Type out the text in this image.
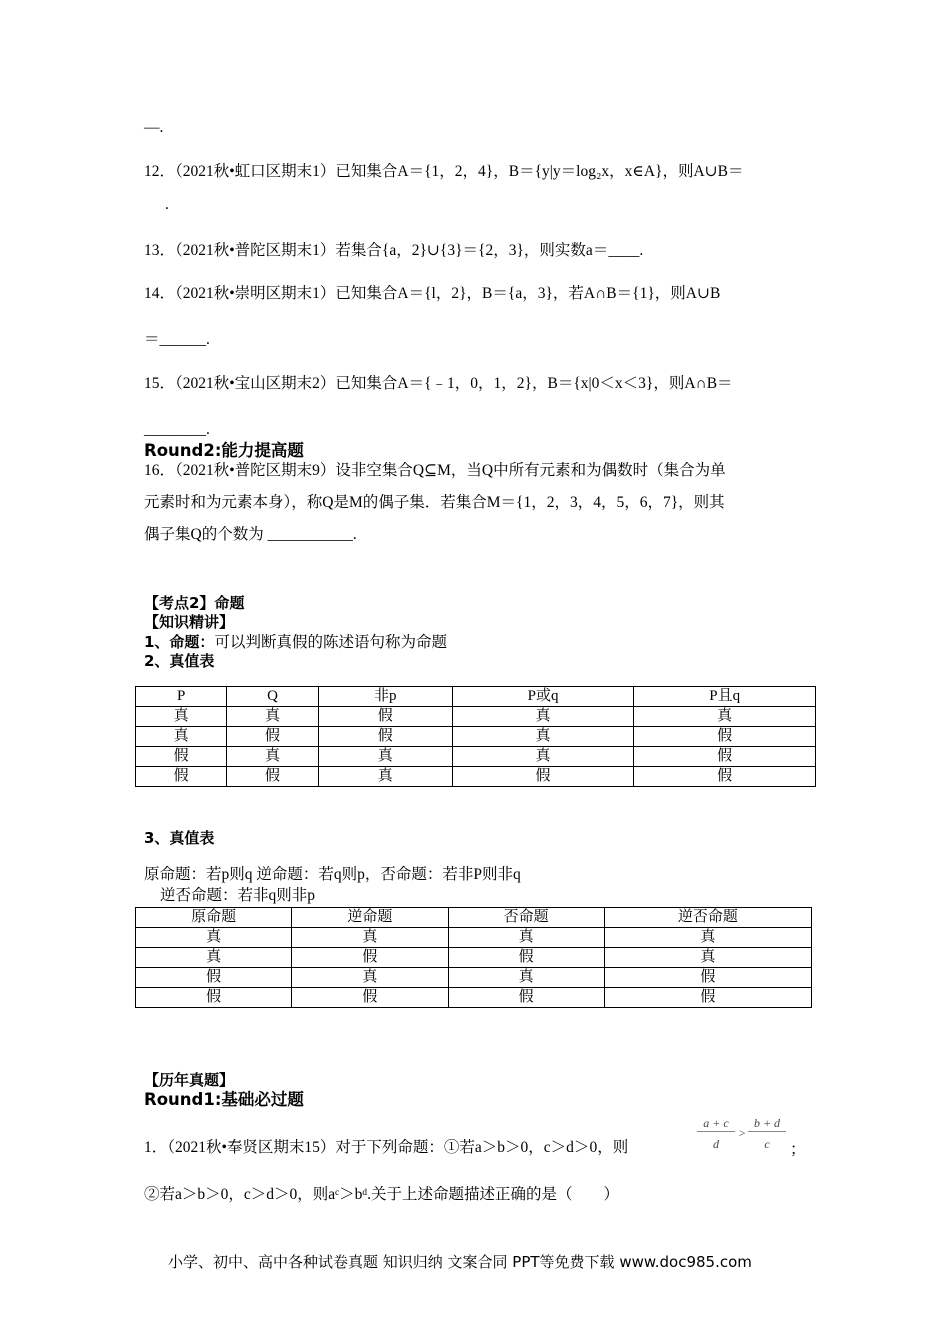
—.
12．（2021秋•虹口区期末1）已知集合A＝{1，2，4}，B＝{y|y＝log₂x，x∈A}，则A∪B＝
.
13．（2021秋•普陀区期末1）若集合{a，2}∪{3}＝{2，3}，则实数a＝____.
14．（2021秋•崇明区期末1）已知集合A＝{l，2}，B＝{a，3}，若A∩B＝{1}，则A∪B
＝______.
15．（2021秋•宝山区期末2）已知集合A＝{﹣1，0，1，2}，B＝{x|0＜x＜3}，则A∩B＝
________.
Round2:能力提高题
16．（2021秋•普陀区期末9）设非空集合Q⊆M，当Q中所有元素和为偶数时（集合为单
元素时和为元素本身），称Q是M的偶子集．若集合M＝{1，2，3，4，5，6，7}，则其
偶子集Q的个数为 ___________.
【考点2】命题
【知识精讲】
1、命题：可以判断真假的陈述语句称为命题
2、真值表
P	Q	非p	P或q	P且q
真	真	假	真	真
真	假	假	真	假
假	真	真	真	假
假	假	真	假	假
3、真值表
原命题：若p则q 逆命题：若q则p，否命题：若非P则非q
逆否命题：若非q则非p
原命题	逆命题	否命题	逆否命题
真	真	真	真
真	假	假	真
假	真	真	假
假	假	假	假
【历年真题】
Round1:基础必过题
1．（2021秋•奉贤区期末15）对于下列命题：①若a＞b＞0，c＞d＞0，则
a + c
d
>
b + d
c	；
②若a＞b＞0，c＞d＞0，则aᶜ＞bᵈ.关于上述命题描述正确的是（　　）
小学、初中、高中各种试卷真题 知识归纳 文案合同 PPT等免费下载 www.doc985.com
